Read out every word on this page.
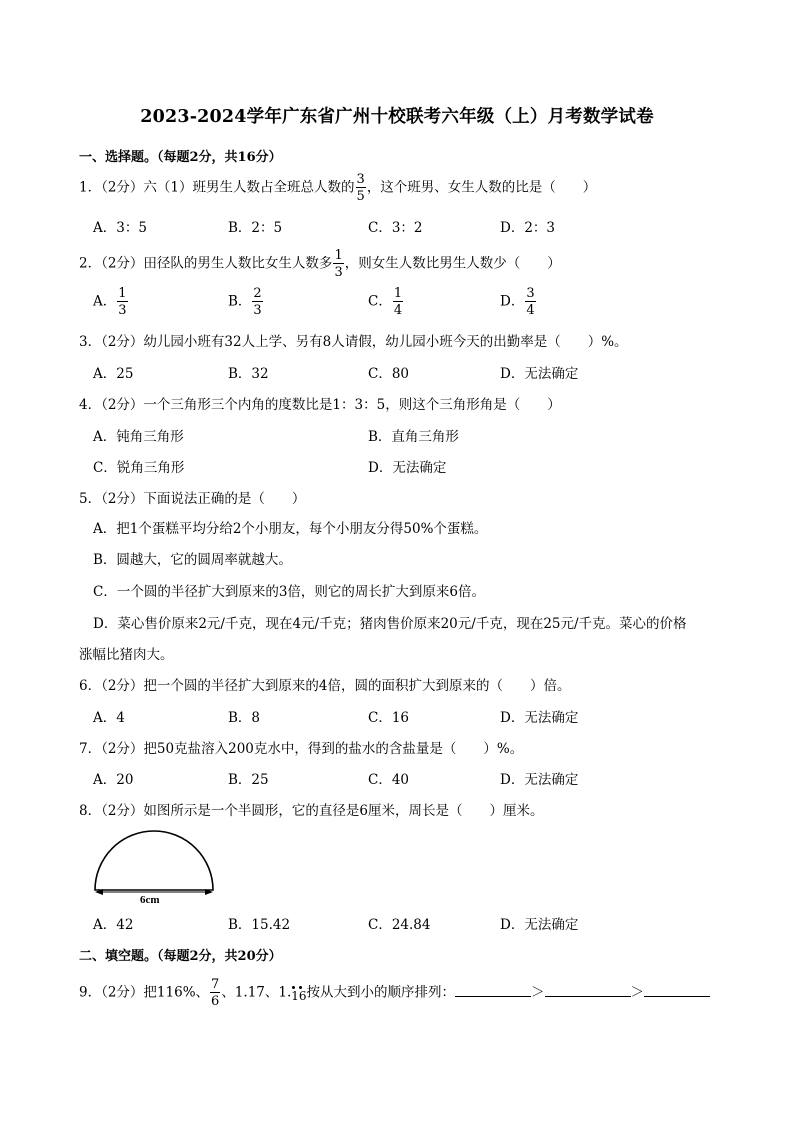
2023-2024学年广东省广州十校联考六年级（上）月考数学试卷
一、选择题。（每题2分，共16分）
1．（2分）六（1）班男生人数占全班总人数的 $\frac{3}{5}$ ，这个班男、女生人数的比是（　　）
A．3：5	B．2：5	C．3：2	D．2：3
2．（2分）田径队的男生人数比女生人数多 $\frac{1}{3}$ ，则女生人数比男生人数少（　　）
A． $\frac{1}{3}$	B． $\frac{2}{3}$	C． $\frac{1}{4}$	D． $\frac{3}{4}$
3．（2分）幼儿园小班有32人上学、另有8人请假，幼儿园小班今天的出勤率是（　　）%。
A．25	B．32	C．80	D．无法确定
4．（2分）一个三角形三个内角的度数比是1：3：5，则这个三角形角是（　　）
A．钝角三角形	B．直角三角形
C．锐角三角形	D．无法确定
5．（2分）下面说法正确的是（　　）
A．把1个蛋糕平均分给2个小朋友，每个小朋友分得50%个蛋糕。
B．圆越大，它的圆周率就越大。
C．一个圆的半径扩大到原来的3倍，则它的周长扩大到原来6倍。
D．菜心售价原来2元/千克，现在4元/千克；猪肉售价原来20元/千克，现在25元/千克。菜心的价格
涨幅比猪肉大。
6．（2分）把一个圆的半径扩大到原来的4倍，圆的面积扩大到原来的（　　）倍。
A．4	B．8	C．16	D．无法确定
7．（2分）把50克盐溶入200克水中，得到的盐水的含盐量是（　　）%。
A．20	B．25	C．40	D．无法确定
8．（2分）如图所示是一个半圆形，它的直径是6厘米，周长是（　　）厘米。
6cm
A．42	B．15.42	C．24.84	D．无法确定
二、填空题。（每题2分，共20分）
9．（2分）把116%、 $\frac{7}{6}$ 、1.17、1.16
按从大到小的顺序排列：	＞	＞
